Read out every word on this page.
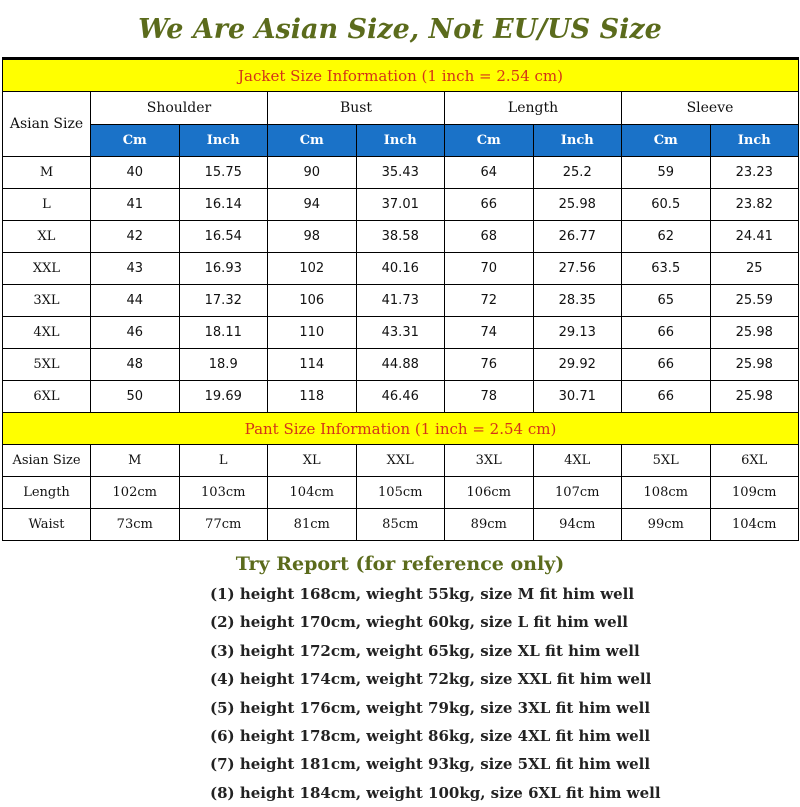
We Are Asian Size, Not EU/US Size
Jacket Size Information (1 inch = 2.54 cm)								
Asian Size	Shoulder		Bust		Length		Sleeve	
	Cm	Inch	Cm	Inch	Cm	Inch	Cm	Inch
M	40	15.75	90	35.43	64	25.2	59	23.23
L	41	16.14	94	37.01	66	25.98	60.5	23.82
XL	42	16.54	98	38.58	68	26.77	62	24.41
XXL	43	16.93	102	40.16	70	27.56	63.5	25
3XL	44	17.32	106	41.73	72	28.35	65	25.59
4XL	46	18.11	110	43.31	74	29.13	66	25.98
5XL	48	18.9	114	44.88	76	29.92	66	25.98
6XL	50	19.69	118	46.46	78	30.71	66	25.98
Pant Size Information (1 inch = 2.54 cm)								
Asian Size	M	L	XL	XXL	3XL	4XL	5XL	6XL
Length	102cm	103cm	104cm	105cm	106cm	107cm	108cm	109cm
Waist	73cm	77cm	81cm	85cm	89cm	94cm	99cm	104cm
Try Report (for reference only)
(1) height 168cm, wieght 55kg, size M fit him well
(2) height 170cm, wieght 60kg, size L fit him well
(3) height 172cm, weight 65kg, size XL fit him well
(4) height 174cm, weight 72kg, size XXL fit him well
(5) height 176cm, weight 79kg, size 3XL fit him well
(6) height 178cm, weight 86kg, size 4XL fit him well
(7) height 181cm, weight 93kg, size 5XL fit him well
(8) height 184cm, weight 100kg, size 6XL fit him well
